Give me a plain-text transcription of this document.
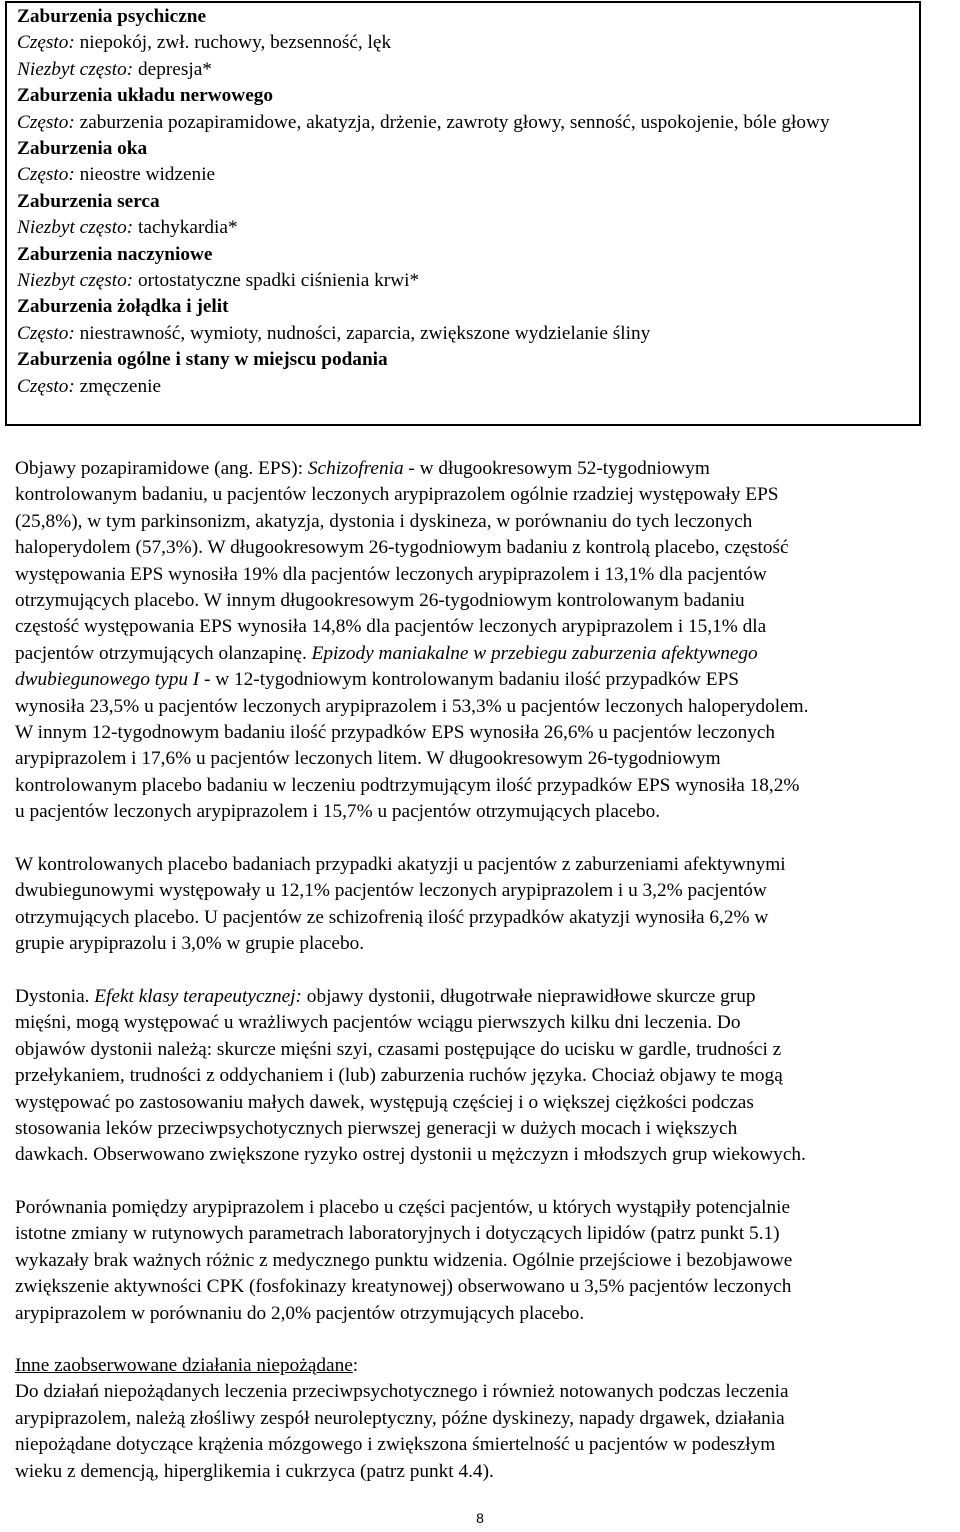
Zaburzenia psychiczne

Często: niepokój, zwł. ruchowy, bezsenność, lęk

Niezbyt często: depresja*

Zaburzenia układu nerwowego

Często: zaburzenia pozapiramidowe, akatyzja, drżenie, zawroty głowy, senność, uspokojenie, bóle głowy

Zaburzenia oka

Często: nieostre widzenie

Zaburzenia serca

Niezbyt często: tachykardia*

Zaburzenia naczyniowe

Niezbyt często: ortostatyczne spadki ciśnienia krwi*

Zaburzenia żołądka i jelit

Często: niestrawność, wymioty, nudności, zaparcia, zwiększone wydzielanie śliny

Zaburzenia ogólne i stany w miejscu podania

Często: zmęczenie

Objawy pozapiramidowe (ang. EPS): Schizofrenia - w długookresowym 52-tygodniowym
kontrolowanym badaniu, u pacjentów leczonych arypiprazolem ogólnie rzadziej występowały EPS
(25,8%), w tym parkinsonizm, akatyzja, dystonia i dyskineza, w porównaniu do tych leczonych
haloperydolem (57,3%). W długookresowym 26-tygodniowym badaniu z kontrolą placebo, częstość
występowania EPS wynosiła 19% dla pacjentów leczonych arypiprazolem i 13,1% dla pacjentów
otrzymujących placebo. W innym długookresowym 26-tygodniowym kontrolowanym badaniu
częstość występowania EPS wynosiła 14,8% dla pacjentów leczonych arypiprazolem i 15,1% dla
pacjentów otrzymujących olanzapinę. Epizody maniakalne w przebiegu zaburzenia afektywnego
dwubiegunowego typu I - w 12-tygodniowym kontrolowanym badaniu ilość przypadków EPS
wynosiła 23,5% u pacjentów leczonych arypiprazolem i 53,3% u pacjentów leczonych haloperydolem.
W innym 12-tygodnowym badaniu ilość przypadków EPS wynosiła 26,6% u pacjentów leczonych
arypiprazolem i 17,6% u pacjentów leczonych litem. W długookresowym 26-tygodniowym
kontrolowanym placebo badaniu w leczeniu podtrzymującym ilość przypadków EPS wynosiła 18,2%
u pacjentów leczonych arypiprazolem i 15,7% u pacjentów otrzymujących placebo.

W kontrolowanych placebo badaniach przypadki akatyzji u pacjentów z zaburzeniami afektywnymi
dwubiegunowymi występowały u 12,1% pacjentów leczonych arypiprazolem i u 3,2% pacjentów
otrzymujących placebo. U pacjentów ze schizofrenią ilość przypadków akatyzji wynosiła 6,2% w
grupie arypiprazolu i 3,0% w grupie placebo.

Dystonia. Efekt klasy terapeutycznej: objawy dystonii, długotrwałe nieprawidłowe skurcze grup
mięśni, mogą występować u wrażliwych pacjentów wciągu pierwszych kilku dni leczenia. Do
objawów dystonii należą: skurcze mięśni szyi, czasami postępujące do ucisku w gardle, trudności z
przełykaniem, trudności z oddychaniem i (lub) zaburzenia ruchów języka. Chociaż objawy te mogą
występować po zastosowaniu małych dawek, występują częściej i o większej ciężkości podczas
stosowania leków przeciwpsychotycznych pierwszej generacji w dużych mocach i większych
dawkach. Obserwowano zwiększone ryzyko ostrej dystonii u mężczyzn i młodszych grup wiekowych.

Porównania pomiędzy arypiprazolem i placebo u części pacjentów, u których wystąpiły potencjalnie
istotne zmiany w rutynowych parametrach laboratoryjnych i dotyczących lipidów (patrz punkt 5.1)
wykazały brak ważnych różnic z medycznego punktu widzenia. Ogólnie przejściowe i bezobjawowe
zwiększenie aktywności CPK (fosfokinazy kreatynowej) obserwowano u 3,5% pacjentów leczonych
arypiprazolem w porównaniu do 2,0% pacjentów otrzymujących placebo.

Inne zaobserwowane działania niepożądane:
Do działań niepożądanych leczenia przeciwpsychotycznego i również notowanych podczas leczenia
arypiprazolem, należą złośliwy zespół neuroleptyczny, późne dyskinezy, napady drgawek, działania
niepożądane dotyczące krążenia mózgowego i zwiększona śmiertelność u pacjentów w podeszłym
wieku z demencją, hiperglikemia i cukrzyca (patrz punkt 4.4).
8
